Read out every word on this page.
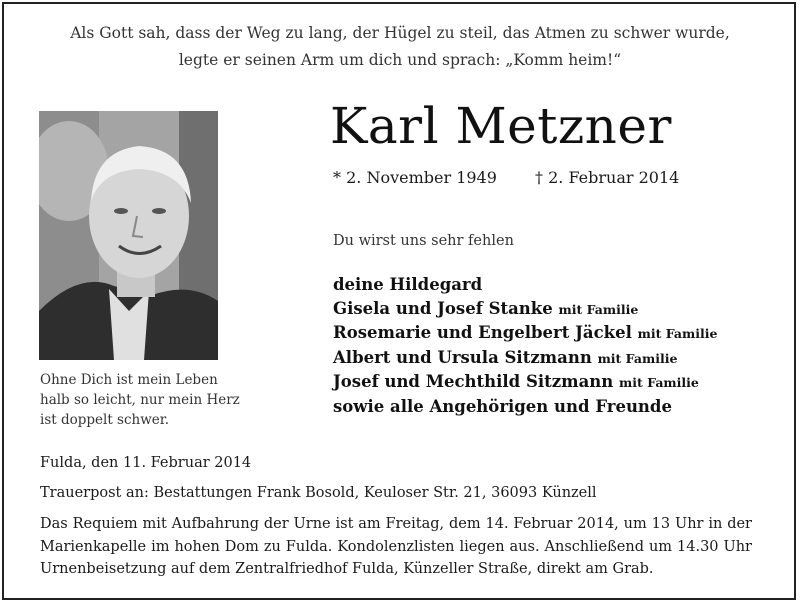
Als Gott sah, dass der Weg zu lang, der Hügel zu steil, das Atmen zu schwer wurde,
legte er seinen Arm um dich und sprach: „Komm heim!“
Karl Metzner
* 2. November 1949 † 2. Februar 2014
Du wirst uns sehr fehlen
deine Hildegard
Gisela und Josef Stanke mit Familie
Rosemarie und Engelbert Jäckel mit Familie
Albert und Ursula Sitzmann mit Familie
Josef und Mechthild Sitzmann mit Familie
sowie alle Angehörigen und Freunde
Ohne Dich ist mein Leben
halb so leicht, nur mein Herz
ist doppelt schwer.
Fulda, den 11. Februar 2014
Trauerpost an: Bestattungen Frank Bosold, Keuloser Str. 21, 36093 Künzell
Das Requiem mit Aufbahrung der Urne ist am Freitag, dem 14. Februar 2014, um 13 Uhr in der
Marienkapelle im hohen Dom zu Fulda. Kondolenzlisten liegen aus. Anschließend um 14.30 Uhr
Urnenbeisetzung auf dem Zentralfriedhof Fulda, Künzeller Straße, direkt am Grab.
